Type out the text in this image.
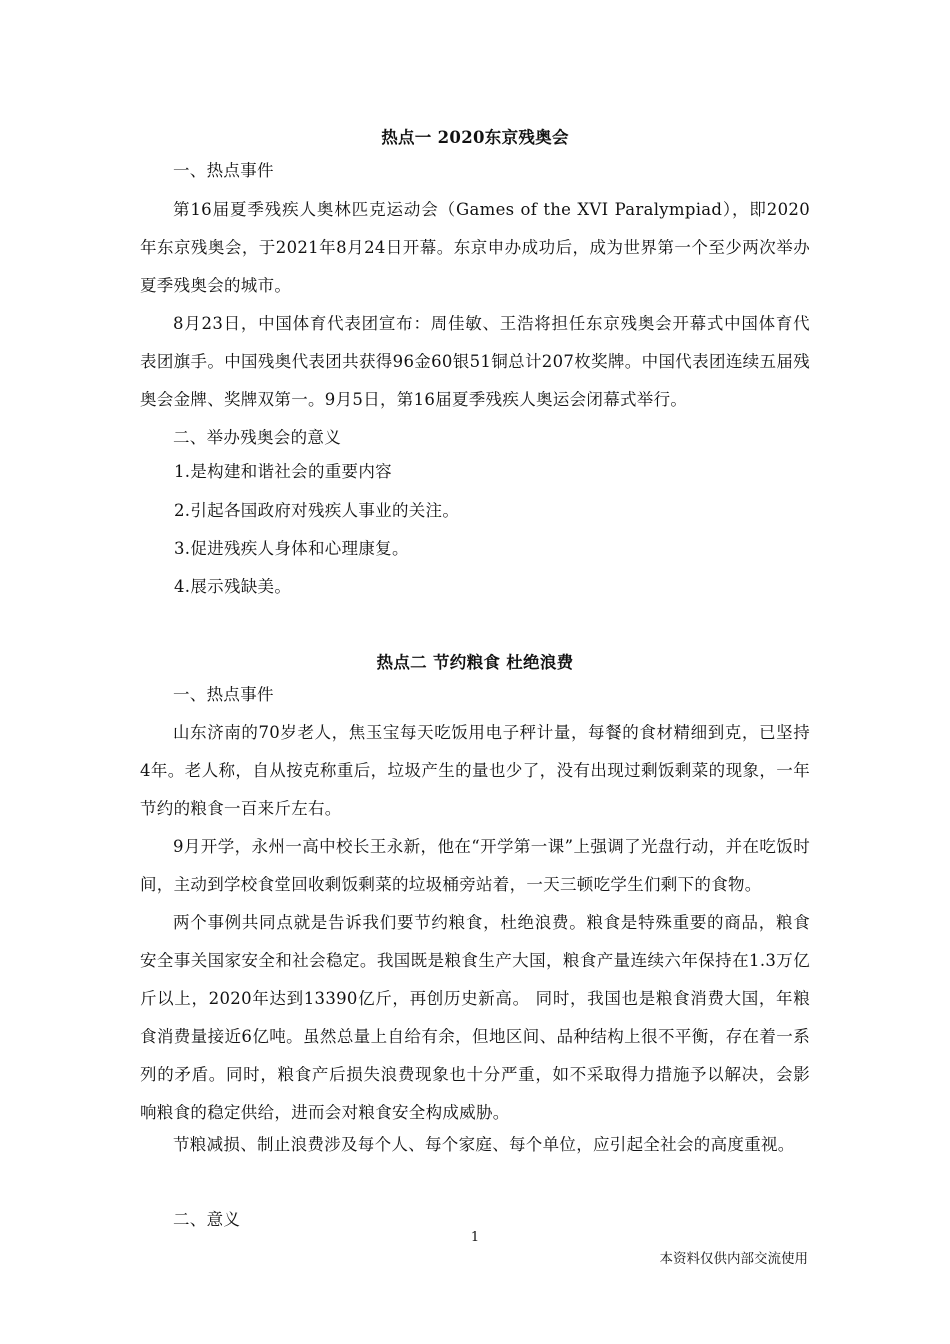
热点一 2020东京残奥会
一、热点事件
第16届夏季残疾人奥林匹克运动会（Games of the XVI Paralympiad），即2020年东京残奥会，于2021年8月24日开幕。东京申办成功后，成为世界第一个至少两次举办夏季残奥会的城市。
8月23日，中国体育代表团宣布：周佳敏、王浩将担任东京残奥会开幕式中国体育代表团旗手。中国残奥代表团共获得96金60银51铜总计207枚奖牌。中国代表团连续五届残奥会金牌、奖牌双第一。9月5日，第16届夏季残疾人奥运会闭幕式举行。
二、举办残奥会的意义
1.是构建和谐社会的重要内容
2.引起各国政府对残疾人事业的关注。
3.促进残疾人身体和心理康复。
4.展示残缺美。
热点二 节约粮食 杜绝浪费
一、热点事件
山东济南的70岁老人，焦玉宝每天吃饭用电子秤计量，每餐的食材精细到克，已坚持4年。老人称，自从按克称重后，垃圾产生的量也少了，没有出现过剩饭剩菜的现象，一年节约的粮食一百来斤左右。
9月开学，永州一高中校长王永新，他在“开学第一课”上强调了光盘行动，并在吃饭时间，主动到学校食堂回收剩饭剩菜的垃圾桶旁站着，一天三顿吃学生们剩下的食物。
两个事例共同点就是告诉我们要节约粮食，杜绝浪费。粮食是特殊重要的商品，粮食安全事关国家安全和社会稳定。我国既是粮食生产大国，粮食产量连续六年保持在1.3万亿斤以上，2020年达到13390亿斤，再创历史新高。 同时，我国也是粮食消费大国，年粮食消费量接近6亿吨。虽然总量上自给有余，但地区间、品种结构上很不平衡，存在着一系列的矛盾。同时，粮食产后损失浪费现象也十分严重，如不采取得力措施予以解决，会影响粮食的稳定供给，进而会对粮食安全构成威胁。
节粮减损、制止浪费涉及每个人、每个家庭、每个单位，应引起全社会的高度重视。
二、意义
1
本资料仅供内部交流使用
